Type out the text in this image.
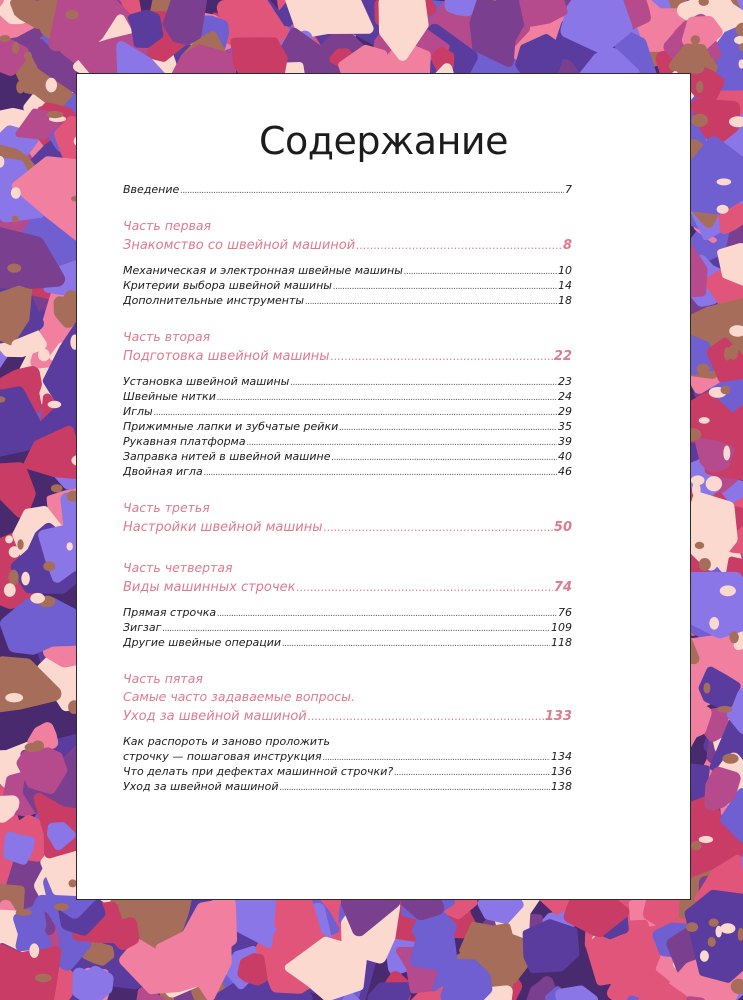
Содержание
Введение .....	7
Часть первая
Знакомство со швейной машиной .....	8
Механическая и электронная швейные машины .....	10
Критерии выбора швейной машины .....	14
Дополнительные инструменты .....	18
Часть вторая
Подготовка швейной машины .....	22
Установка швейной машины .....	23
Швейные нитки .....	24
Иглы .....	29
Прижимные лапки и зубчатые рейки .....	35
Рукавная платформа .....	39
Заправка нитей в швейной машине .....	40
Двойная игла .....	46
Часть третья
Настройки швейной машины .....	50
Часть четвертая
Виды машинных строчек .....	74
Прямая строчка .....	76
Зигзаг .....	109
Другие швейные операции .....	118
Часть пятая
Самые часто задаваемые вопросы.
Уход за швейной машиной .....	133
Как распороть и заново проложить
строчку — пошаговая инструкция .....	134
Что делать при дефектах машинной строчки? .....	136
Уход за швейной машиной .....	138
